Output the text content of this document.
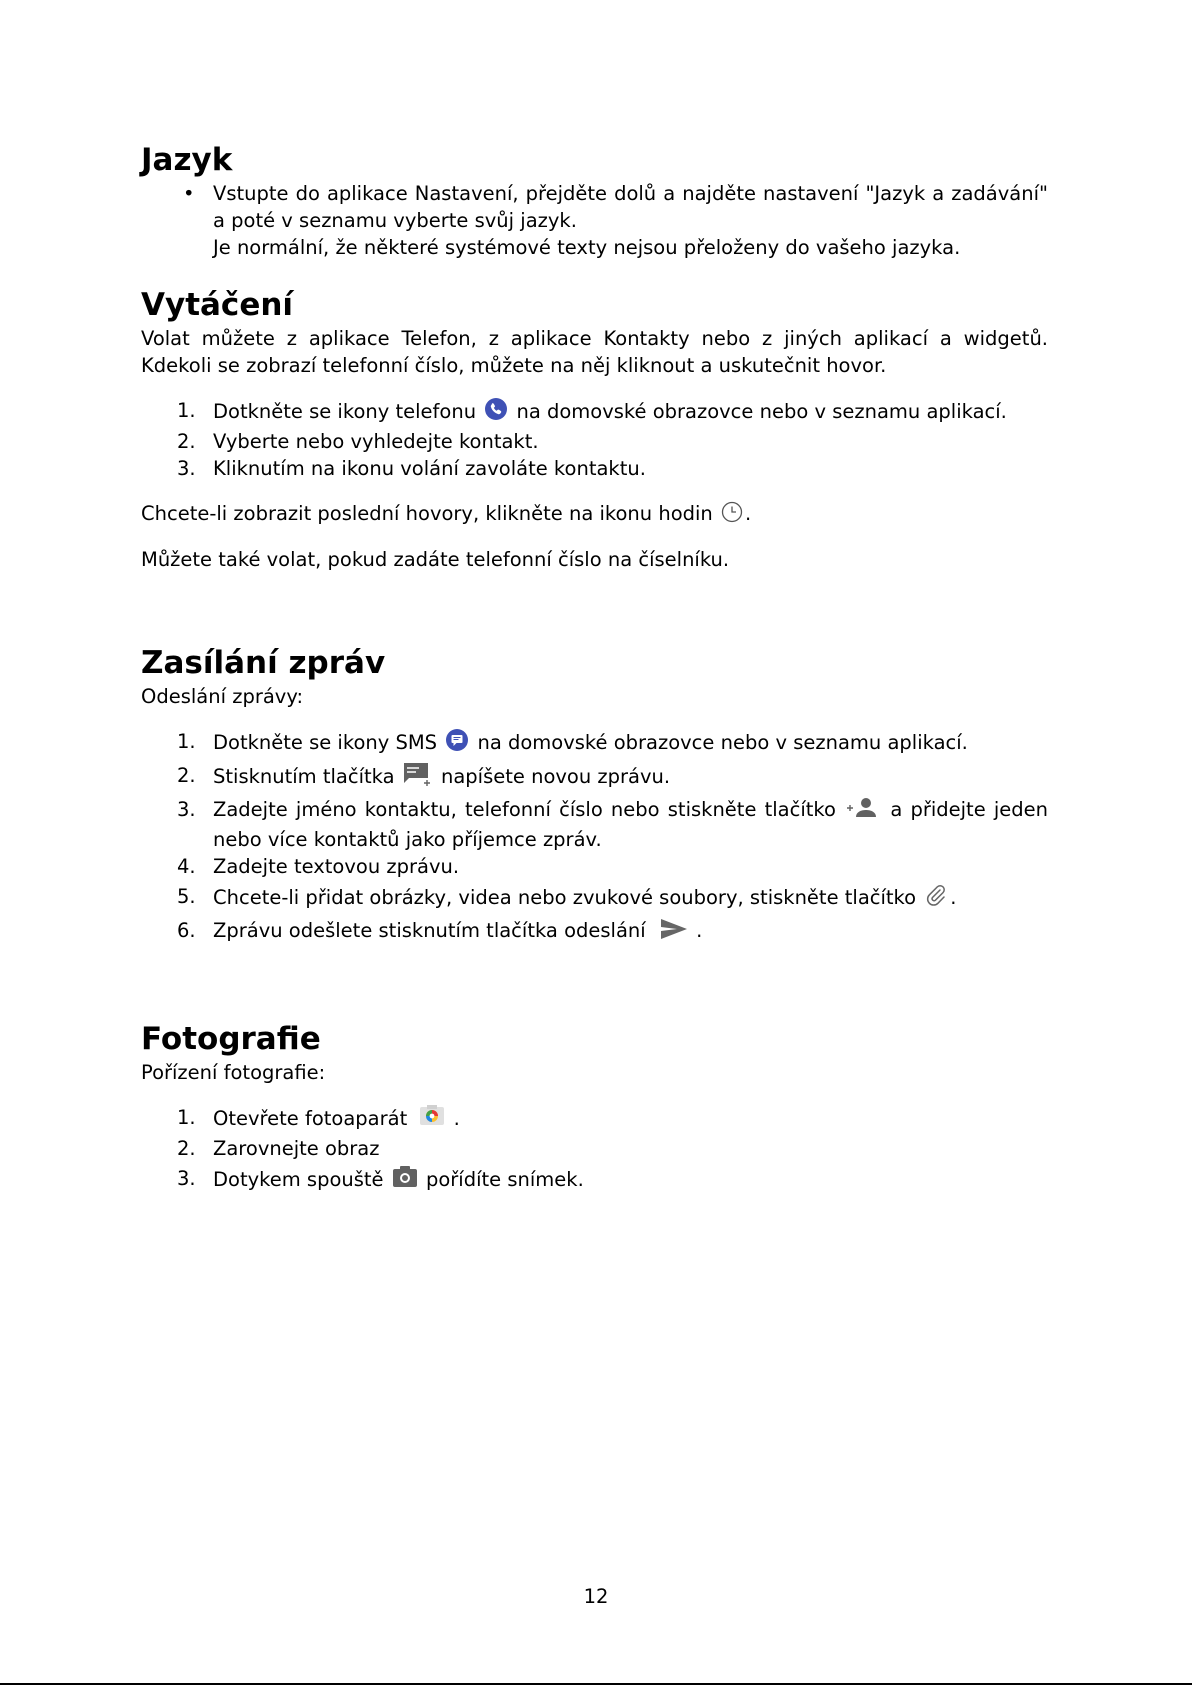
Jazyk
• Vstupte do aplikace Nastavení, přejděte dolů a najděte nastavení "Jazyk a zadávání" a poté v seznamu vyberte svůj jazyk.
Je normální, že některé systémové texty nejsou přeloženy do vašeho jazyka.
Vytáčení

Volat můžete z aplikace Telefon, z aplikace Kontakty nebo z jiných aplikací a widgetů. Kdekoli se zobrazí telefonní číslo, můžete na něj kliknout a uskutečnit hovor.

1. Dotkněte se ikony telefonu na domovské obrazovce nebo v seznamu aplikací.
2. Vyberte nebo vyhledejte kontakt.
3. Kliknutím na ikonu volání zavoláte kontaktu.

Chcete-li zobrazit poslední hovory, klikněte na ikonu hodin .

Můžete také volat, pokud zadáte telefonní číslo na číselníku.

Zasílání zpráv

Odeslání zprávy:

1. Dotkněte se ikony SMS na domovské obrazovce nebo v seznamu aplikací.
2. Stisknutím tlačítka napíšete novou zprávu.
3. Zadejte jméno kontaktu, telefonní číslo nebo stiskněte tlačítko	a přidejte jeden nebo více kontaktů jako příjemce zpráv.
4. Zadejte textovou zprávu.
5. Chcete-li přidat obrázky, videa nebo zvukové soubory, stiskněte tlačítko .
6. Zprávu odešlete stisknutím tlačítka odeslání	.
Fotografie

Pořízení fotografie:

1. Otevřete fotoaparát .
2. Zarovnejte obraz
3. Dotykem spouště pořídíte snímek.
12
